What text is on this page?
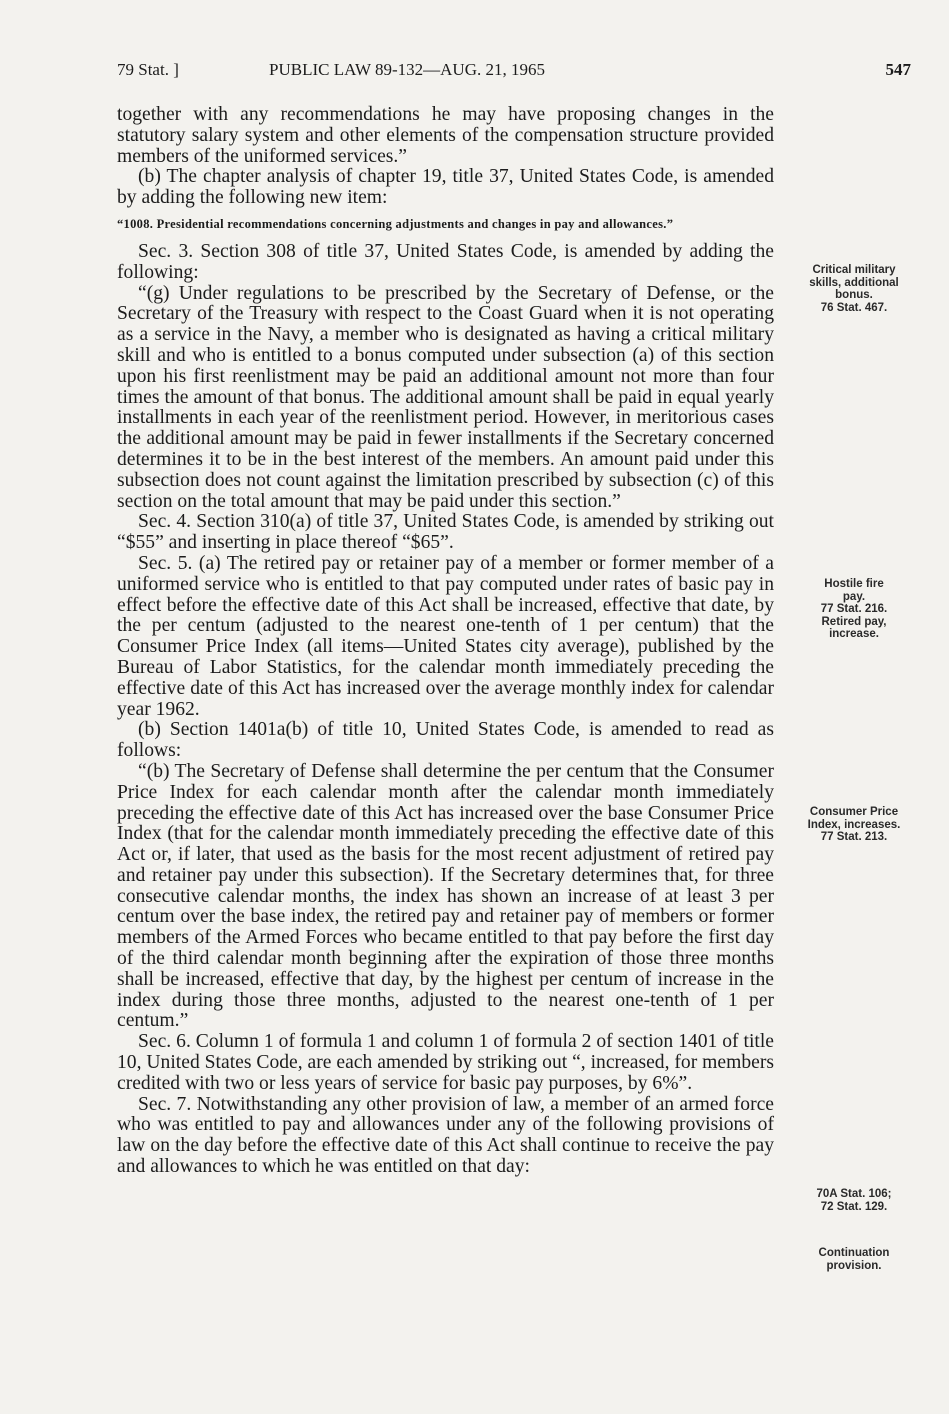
79 Stat. ]	PUBLIC LAW 89-132—AUG. 21, 1965	547

together with any recommendations he may have proposing changes in the statutory salary system and other elements of the compensation structure provided members of the uniformed services.”

(b) The chapter analysis of chapter 19, title 37, United States Code, is amended by adding the following new item:

“1008. Presidential recommendations concerning adjustments and changes in pay and allowances.”

Sec. 3. Section 308 of title 37, United States Code, is amended by adding the following:

“(g) Under regulations to be prescribed by the Secretary of Defense, or the Secretary of the Treasury with respect to the Coast Guard when it is not operating as a service in the Navy, a member who is designated as having a critical military skill and who is entitled to a bonus computed under subsection (a) of this section upon his first reenlistment may be paid an additional amount not more than four times the amount of that bonus. The additional amount shall be paid in equal yearly installments in each year of the reenlistment period. However, in meritorious cases the additional amount may be paid in fewer installments if the Secretary concerned determines it to be in the best interest of the members. An amount paid under this subsection does not count against the limitation prescribed by subsection (c) of this section on the total amount that may be paid under this section.”

Sec. 4. Section 310(a) of title 37, United States Code, is amended by striking out “$55” and inserting in place thereof “$65”.

Sec. 5. (a) The retired pay or retainer pay of a member or former member of a uniformed service who is entitled to that pay computed under rates of basic pay in effect before the effective date of this Act shall be increased, effective that date, by the per centum (adjusted to the nearest one-tenth of 1 per centum) that the Consumer Price Index (all items—United States city average), published by the Bureau of Labor Statistics, for the calendar month immediately preceding the effective date of this Act has increased over the average monthly index for calendar year 1962.

(b) Section 1401a(b) of title 10, United States Code, is amended to read as follows:

“(b) The Secretary of Defense shall determine the per centum that the Consumer Price Index for each calendar month after the calendar month immediately preceding the effective date of this Act has increased over the base Consumer Price Index (that for the calendar month immediately preceding the effective date of this Act or, if later, that used as the basis for the most recent adjustment of retired pay and retainer pay under this subsection). If the Secretary determines that, for three consecutive calendar months, the index has shown an increase of at least 3 per centum over the base index, the retired pay and retainer pay of members or former members of the Armed Forces who became entitled to that pay before the first day of the third calendar month beginning after the expiration of those three months shall be increased, effective that day, by the highest per centum of increase in the index during those three months, adjusted to the nearest one-tenth of 1 per centum.”

Sec. 6. Column 1 of formula 1 and column 1 of formula 2 of section 1401 of title 10, United States Code, are each amended by striking out “, increased, for members credited with two or less years of service for basic pay purposes, by 6%”.

Sec. 7. Notwithstanding any other provision of law, a member of an armed force who was entitled to pay and allowances under any of the following provisions of law on the day before the effective date of this Act shall continue to receive the pay and allowances to which he was entitled on that day:

Critical military
skills, additional
bonus.
76 Stat. 467.
Hostile fire
pay.
77 Stat. 216.
Retired pay,
increase.
Consumer Price
Index, increases.
77 Stat. 213.
70A Stat. 106;
72 Stat. 129.
Continuation
provision.
